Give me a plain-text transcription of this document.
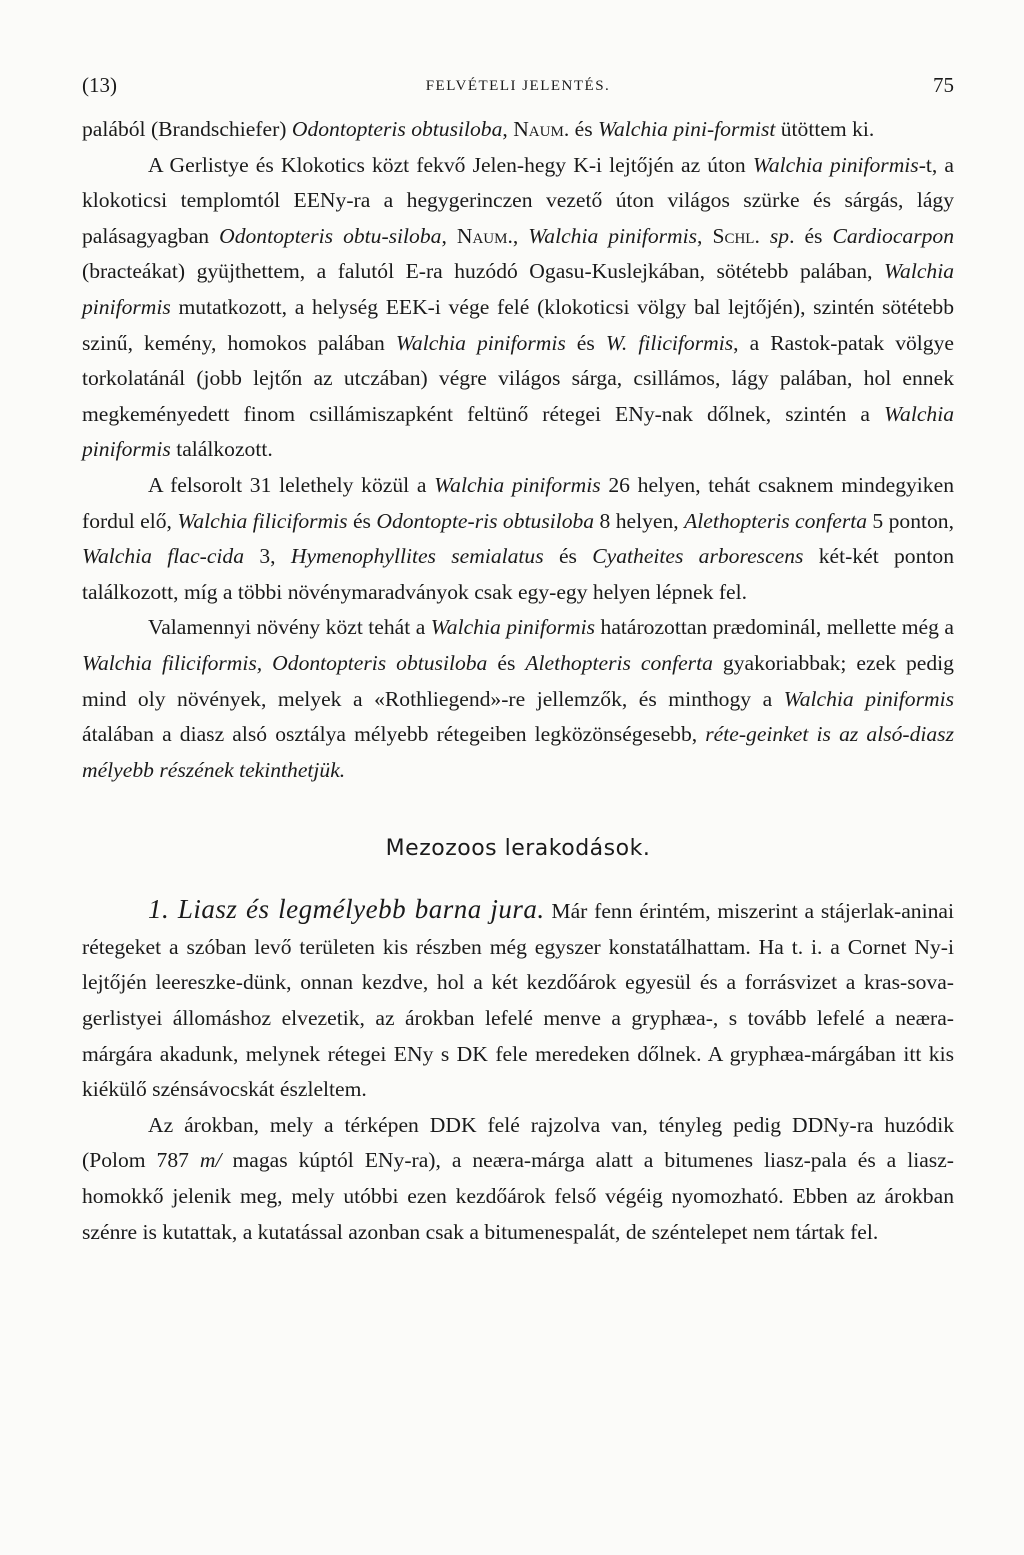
(13)	FELVÉTELI JELENTÉS.	75

palából (Brandschiefer) Odontopteris obtusiloba, Naum. és Walchia pini-formist ütöttem ki.

A Gerlistye és Klokotics közt fekvő Jelen-hegy K-i lejtőjén az úton Walchia piniformis-t, a klokoticsi templomtól EENy-ra a hegygerinczen vezető úton világos szürke és sárgás, lágy palásagyagban Odontopteris obtu-siloba, Naum., Walchia piniformis, Schl. sp. és Cardiocarpon (bracteákat) gyüjthettem, a falutól E-ra huzódó Ogasu-Kuslejkában, sötétebb palában, Walchia piniformis mutatkozott, a helység EEK-i vége felé (klokoticsi völgy bal lejtőjén), szintén sötétebb szinű, kemény, homokos palában Walchia piniformis és W. filiciformis, a Rastok-patak völgye torkolatánál (jobb lejtőn az utczában) végre világos sárga, csillámos, lágy palában, hol ennek megkeményedett finom csillámiszapként feltünő rétegei ENy-nak dőlnek, szintén a Walchia piniformis találkozott.

A felsorolt 31 lelethely közül a Walchia piniformis 26 helyen, tehát csaknem mindegyiken fordul elő, Walchia filiciformis és Odontopte-ris obtusiloba 8 helyen, Alethopteris conferta 5 ponton, Walchia flac-cida 3, Hymenophyllites semialatus és Cyatheites arborescens két-két ponton találkozott, míg a többi növénymaradványok csak egy-egy helyen lépnek fel.

Valamennyi növény közt tehát a Walchia piniformis határozottan prædominál, mellette még a Walchia filiciformis, Odontopteris obtusiloba és Alethopteris conferta gyakoriabbak; ezek pedig mind oly növények, melyek a «Rothliegend»-re jellemzők, és minthogy a Walchia piniformis átalában a diasz alsó osztálya mélyebb rétegeiben legközönségesebb, réte-geinket is az alsó-diasz mélyebb részének tekinthetjük.

Mezozoos lerakodások.

1. Liasz és legmélyebb barna jura. Már fenn érintém, miszerint a stájerlak-aninai rétegeket a szóban levő területen kis részben még egyszer konstatálhattam. Ha t. i. a Cornet Ny-i lejtőjén leereszke-dünk, onnan kezdve, hol a két kezdőárok egyesül és a forrásvizet a kras-sova-gerlistyei állomáshoz elvezetik, az árokban lefelé menve a gryphæa-, s tovább lefelé a neæra-márgára akadunk, melynek rétegei ENy s DK fele meredeken dőlnek. A gryphæa-márgában itt kis kiékülő szénsávocskát észleltem.

Az árokban, mely a térképen DDK felé rajzolva van, tényleg pedig DDNy-ra huzódik (Polom 787 m/ magas kúptól ENy-ra), a neæra-márga alatt a bitumenes liasz-pala és a liasz-homokkő jelenik meg, mely utóbbi ezen kezdőárok felső végéig nyomozható. Ebben az árokban szénre is kutattak, a kutatással azonban csak a bitumenespalát, de széntelepet nem tártak fel.
